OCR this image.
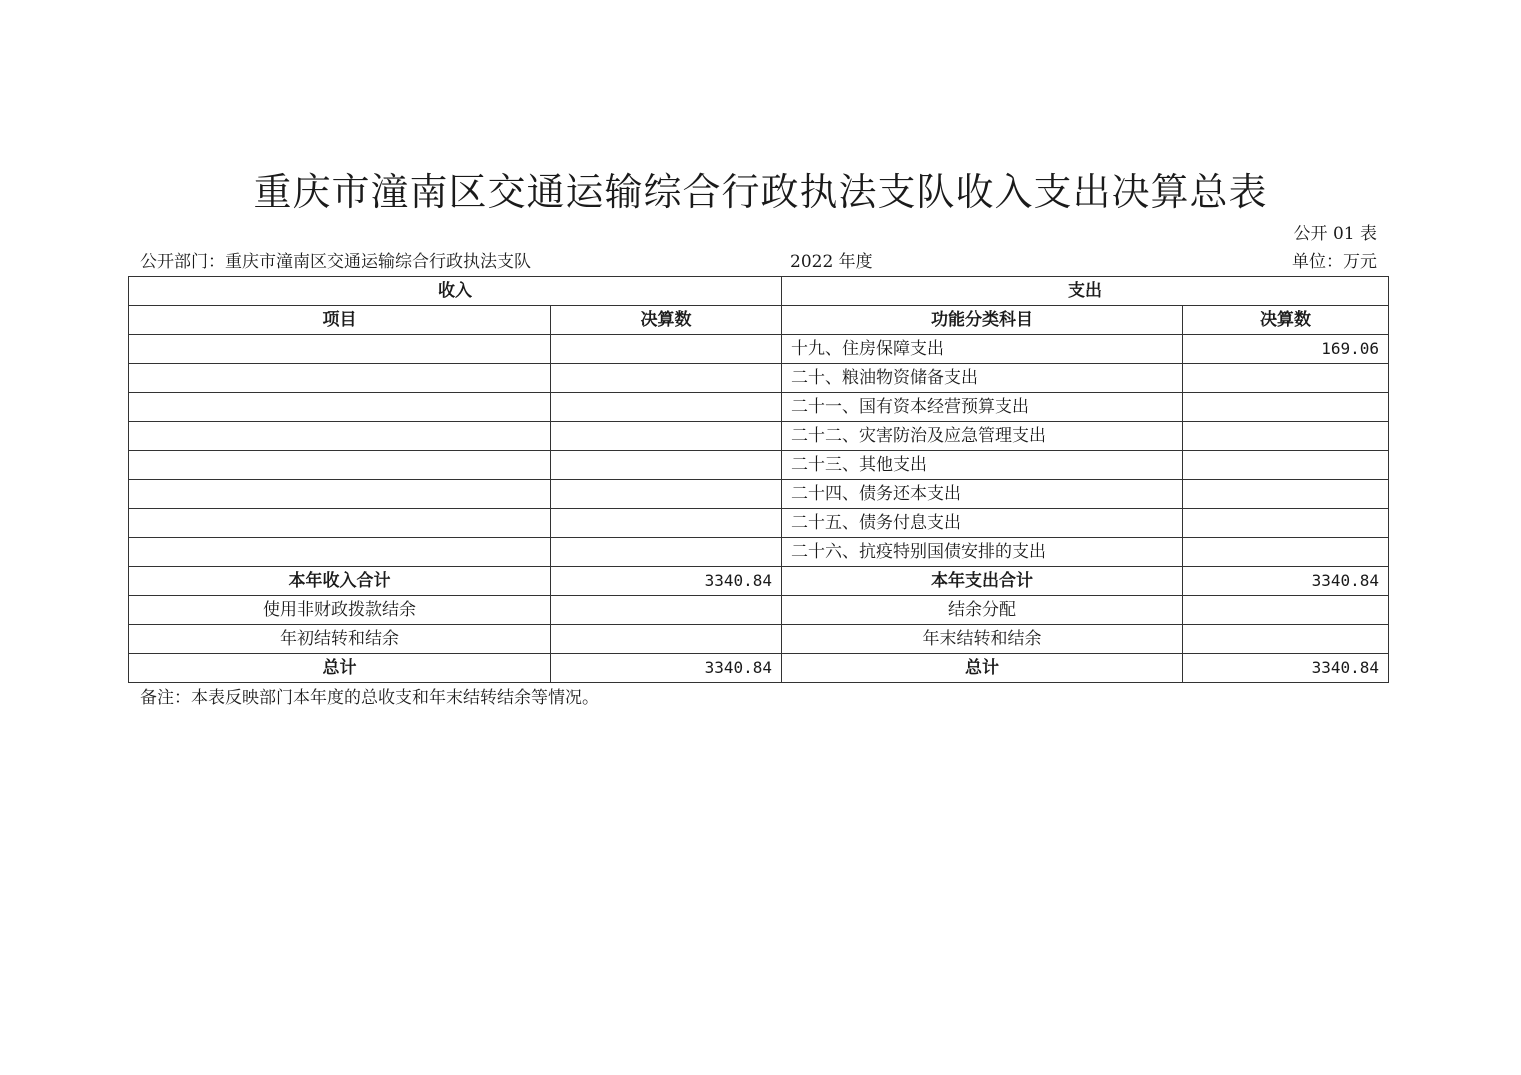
重庆市潼南区交通运输综合行政执法支队收入支出决算总表
公开 01 表
公开部门：重庆市潼南区交通运输综合行政执法支队	2022 年度	单位：万元
收入		支出	
项目	决算数	功能分类科目	决算数
		十九、住房保障支出	169.06
		二十、粮油物资储备支出	
		二十一、国有资本经营预算支出	
		二十二、灾害防治及应急管理支出	
		二十三、其他支出	
		二十四、债务还本支出	
		二十五、债务付息支出	
		二十六、抗疫特别国债安排的支出	
本年收入合计	3340.84	本年支出合计	3340.84
使用非财政拨款结余		结余分配	
年初结转和结余		年末结转和结余	
总计	3340.84	总计	3340.84
备注：本表反映部门本年度的总收支和年末结转结余等情况。
